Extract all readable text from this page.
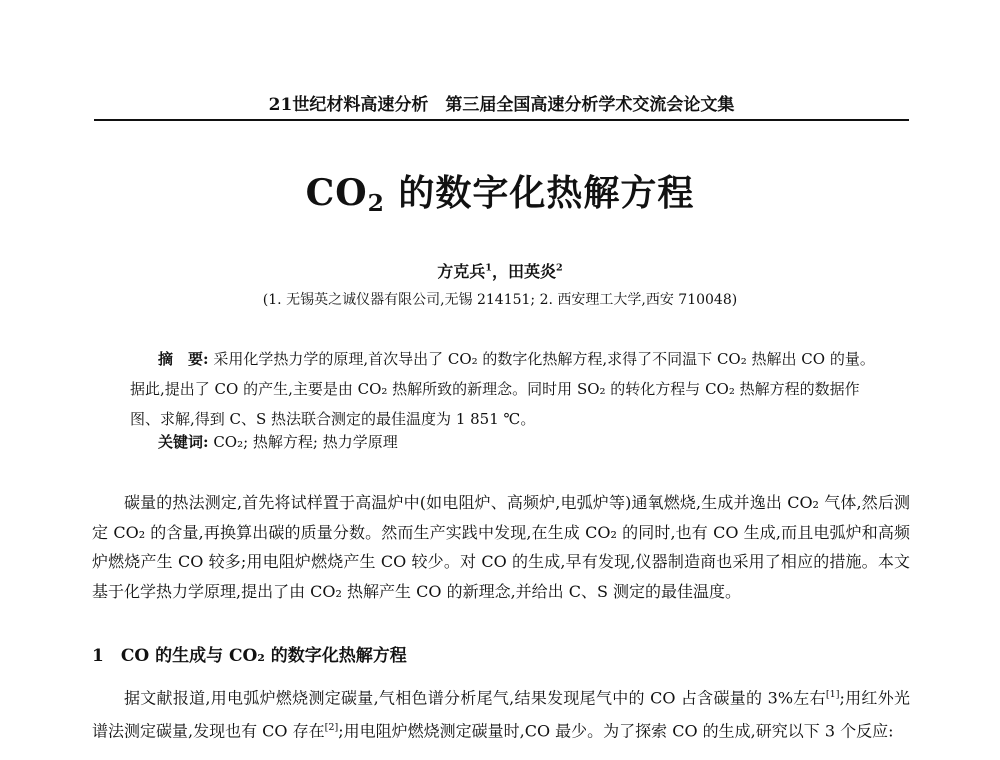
21世纪材料高速分析　第三届全国高速分析学术交流会论文集
$CO_2$ 的数字化热解方程
方克兵$^1$，田英炎$^2$
(1. 无锡英之诚仪器有限公司,无锡 214151; 2. 西安理工大学,西安 710048)
摘　要: 采用化学热力学的原理,首次导出了 CO₂ 的数字化热解方程,求得了不同温下 CO₂ 热解出 CO 的量。据此,提出了 CO 的产生,主要是由 CO₂ 热解所致的新理念。同时用 SO₂ 的转化方程与 CO₂ 热解方程的数据作图、求解,得到 C、S 热法联合测定的最佳温度为 1 851 ℃。
关键词: CO₂; 热解方程; 热力学原理
碳量的热法测定,首先将试样置于高温炉中(如电阻炉、高频炉,电弧炉等)通氧燃烧,生成并逸出 CO₂ 气体,然后测定 CO₂ 的含量,再换算出碳的质量分数。然而生产实践中发现,在生成 CO₂ 的同时,也有 CO 生成,而且电弧炉和高频炉燃烧产生 CO 较多;用电阻炉燃烧产生 CO 较少。对 CO 的生成,早有发现,仪器制造商也采用了相应的措施。本文基于化学热力学原理,提出了由 CO₂ 热解产生 CO 的新理念,并给出 C、S 测定的最佳温度。
1　CO 的生成与 CO₂ 的数字化热解方程
据文献报道,用电弧炉燃烧测定碳量,气相色谱分析尾气,结果发现尾气中的 CO 占含碳量的 3%左右[1];用红外光谱法测定碳量,发现也有 CO 存在[2];用电阻炉燃烧测定碳量时,CO 最少。为了探索 CO 的生成,研究以下 3 个反应:
